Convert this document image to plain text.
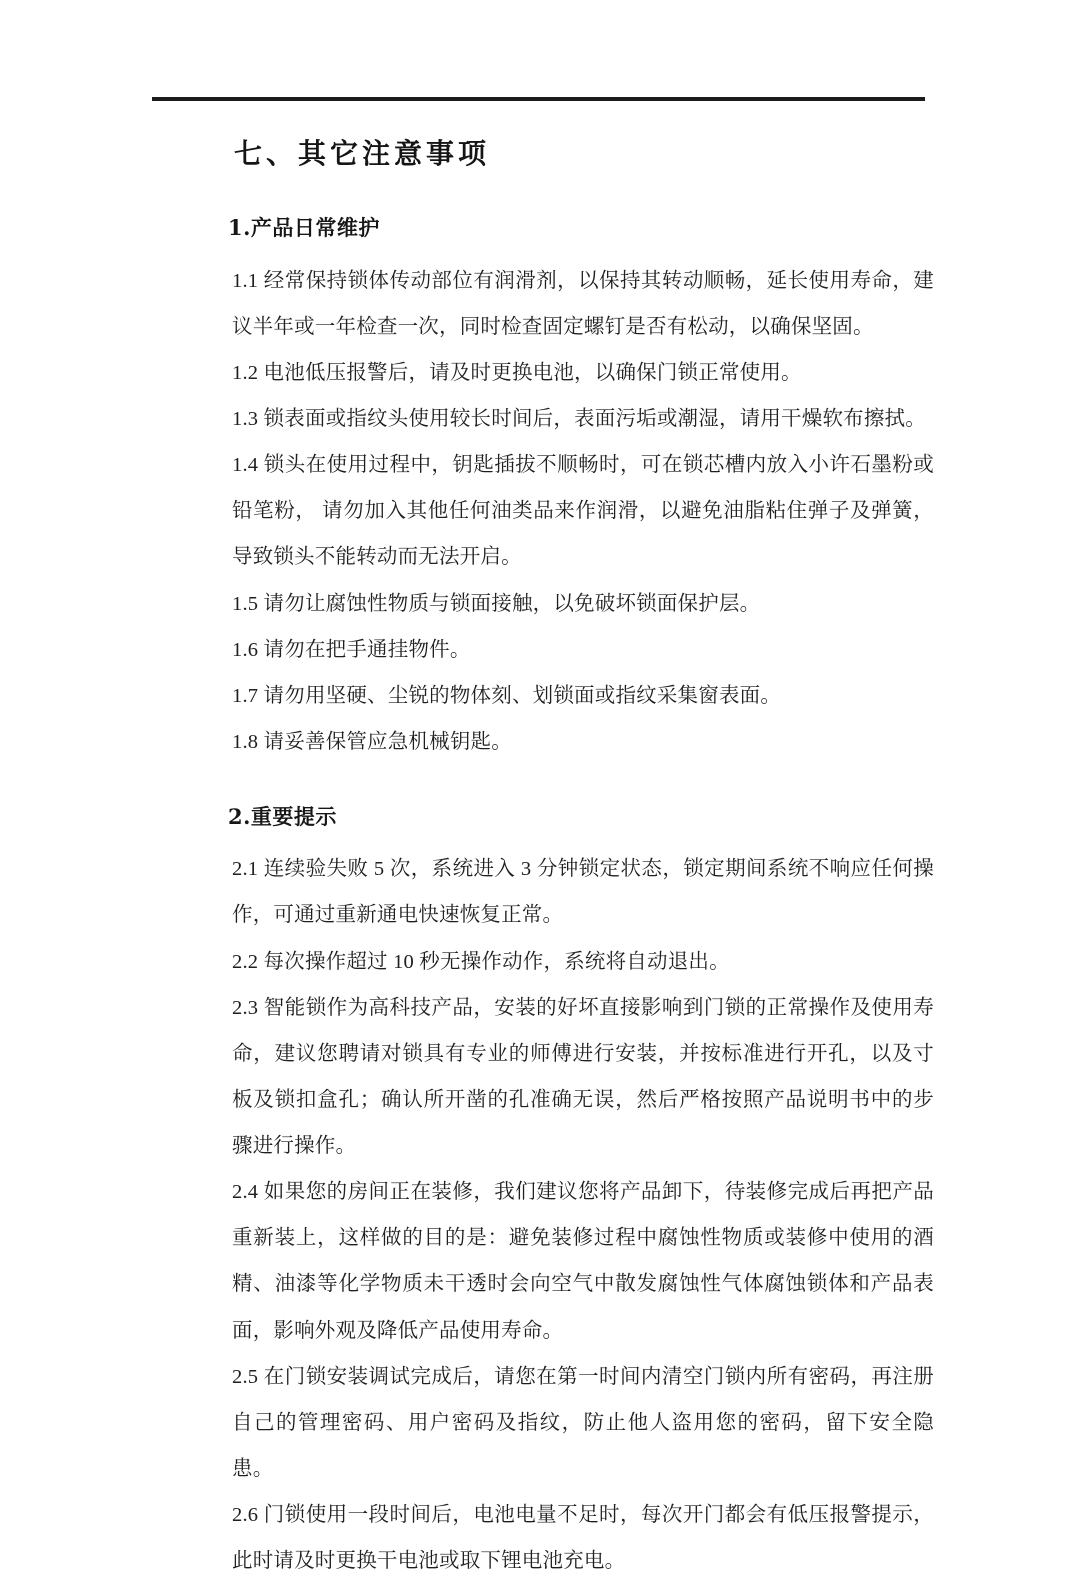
七、其它注意事项
1.产品日常维护

1.1 经常保持锁体传动部位有润滑剂，以保持其转动顺畅，延长使用寿命，建议半年或一年检查一次，同时检查固定螺钉是否有松动，以确保坚固。

1.2 电池低压报警后，请及时更换电池，以确保门锁正常使用。

1.3 锁表面或指纹头使用较长时间后，表面污垢或潮湿，请用干燥软布擦拭。

1.4 锁头在使用过程中，钥匙插拔不顺畅时，可在锁芯槽内放入小许石墨粉或铅笔粉， 请勿加入其他任何油类品来作润滑，以避免油脂粘住弹子及弹簧，导致锁头不能转动而无法开启。

1.5 请勿让腐蚀性物质与锁面接触，以免破坏锁面保护层。

1.6 请勿在把手通挂物件。

1.7 请勿用坚硬、尘锐的物体刻、划锁面或指纹采集窗表面。

1.8 请妥善保管应急机械钥匙。

2.重要提示

2.1 连续验失败 5 次，系统进入 3 分钟锁定状态，锁定期间系统不响应任何操作，可通过重新通电快速恢复正常。

2.2 每次操作超过 10 秒无操作动作，系统将自动退出。

2.3 智能锁作为高科技产品，安装的好坏直接影响到门锁的正常操作及使用寿命，建议您聘请对锁具有专业的师傅进行安装，并按标准进行开孔，以及寸板及锁扣盒孔；确认所开凿的孔准确无误，然后严格按照产品说明书中的步骤进行操作。

2.4 如果您的房间正在装修，我们建议您将产品卸下，待装修完成后再把产品重新装上，这样做的目的是：避免装修过程中腐蚀性物质或装修中使用的酒精、油漆等化学物质未干透时会向空气中散发腐蚀性气体腐蚀锁体和产品表面，影响外观及降低产品使用寿命。

2.5 在门锁安装调试完成后，请您在第一时间内清空门锁内所有密码，再注册自己的管理密码、用户密码及指纹，防止他人盗用您的密码，留下安全隐患。

2.6 门锁使用一段时间后，电池电量不足时，每次开门都会有低压报警提示，此时请及时更换干电池或取下锂电池充电。
